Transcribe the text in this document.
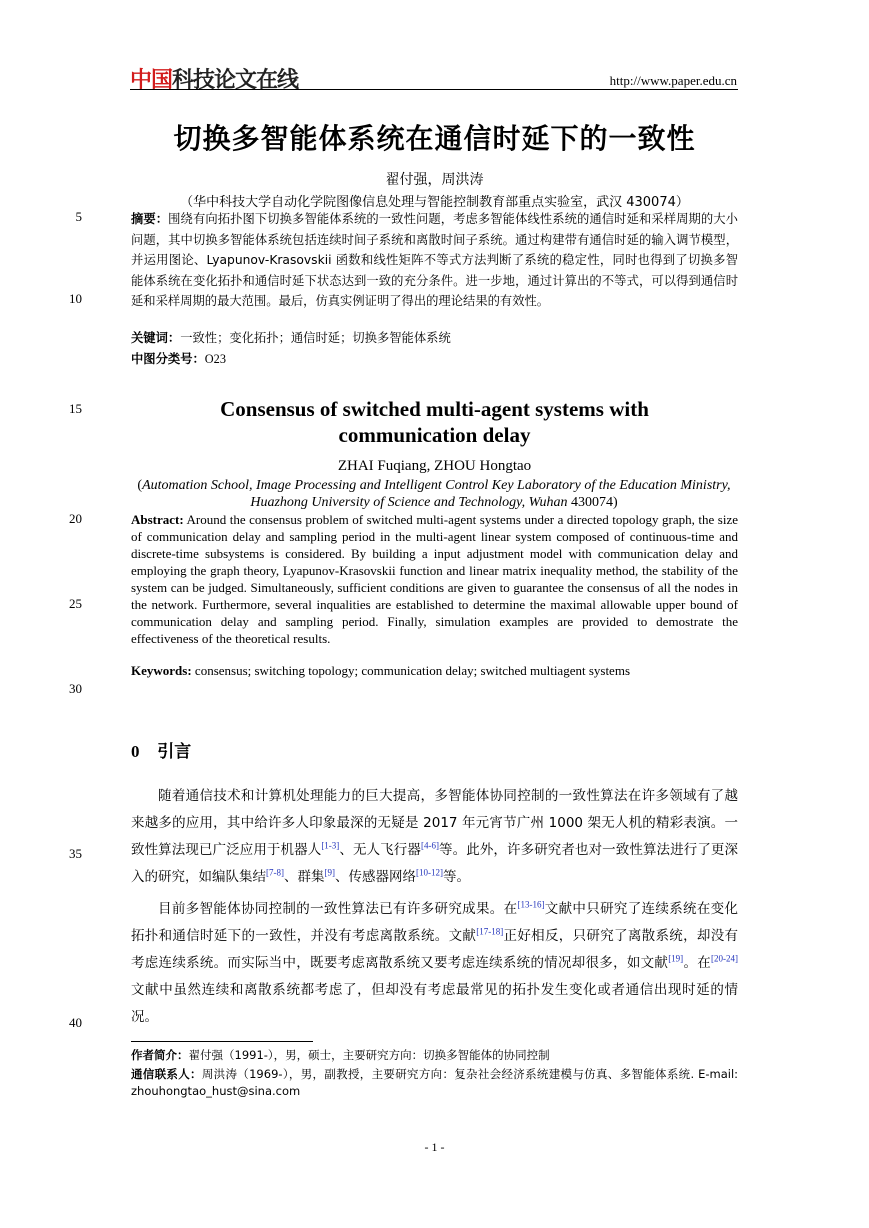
中国科技论文在线	http://www.paper.edu.cn
切换多智能体系统在通信时延下的一致性
翟付强，周洪涛
（华中科技大学自动化学院图像信息处理与智能控制教育部重点实验室，武汉 430074）
5
10
15
20
25
30
35
40
摘要：围绕有向拓扑图下切换多智能体系统的一致性问题，考虑多智能体线性系统的通信时延和采样周期的大小问题，其中切换多智能体系统包括连续时间子系统和离散时间子系统。通过构建带有通信时延的输入调节模型，并运用图论、Lyapunov-Krasovskii 函数和线性矩阵不等式方法判断了系统的稳定性，同时也得到了切换多智能体系统在变化拓扑和通信时延下状态达到一致的充分条件。进一步地，通过计算出的不等式，可以得到通信时延和采样周期的最大范围。最后，仿真实例证明了得出的理论结果的有效性。
关键词：一致性；变化拓扑；通信时延；切换多智能体系统
中图分类号：O23
Consensus of switched multi-agent systems with
communication delay
ZHAI Fuqiang, ZHOU Hongtao
(Automation School, Image Processing and Intelligent Control Key Laboratory of the Education Ministry, Huazhong University of Science and Technology, Wuhan 430074)
Abstract: Around the consensus problem of switched multi-agent systems under a directed topology graph, the size of communication delay and sampling period in the multi-agent linear system composed of continuous-time and discrete-time subsystems is considered. By building a input adjustment model with communication delay and employing the graph theory, Lyapunov-Krasovskii function and linear matrix inequality method, the stability of the system can be judged. Simultaneously, sufficient conditions are given to guarantee the consensus of all the nodes in the network. Furthermore, several inqualities are established to determine the maximal allowable upper bound of communication delay and sampling period. Finally, simulation examples are provided to demostrate the effectiveness of the theoretical results.
Keywords: consensus; switching topology; communication delay; switched multiagent systems
0 引言
随着通信技术和计算机处理能力的巨大提高，多智能体协同控制的一致性算法在许多领域有了越来越多的应用，其中给许多人印象最深的无疑是 2017 年元宵节广州 1000 架无人机的精彩表演。一致性算法现已广泛应用于机器人[1-3]、无人飞行器[4-6]等。此外，许多研究者也对一致性算法进行了更深入的研究，如编队集结[7-8]、群集[9]、传感器网络[10-12]等。
目前多智能体协同控制的一致性算法已有许多研究成果。在[13-16]文献中只研究了连续系统在变化拓扑和通信时延下的一致性，并没有考虑离散系统。文献[17-18]正好相反，只研究了离散系统，却没有考虑连续系统。而实际当中，既要考虑离散系统又要考虑连续系统的情况却很多，如文献[19]。在[20-24]文献中虽然连续和离散系统都考虑了，但却没有考虑最常见的拓扑发生变化或者通信出现时延的情况。
作者简介：翟付强（1991-），男，硕士，主要研究方向：切换多智能体的协同控制
通信联系人：周洪涛（1969-），男，副教授，主要研究方向：复杂社会经济系统建模与仿真、多智能体系统. E-mail: zhouhongtao_hust@sina.com
- 1 -
